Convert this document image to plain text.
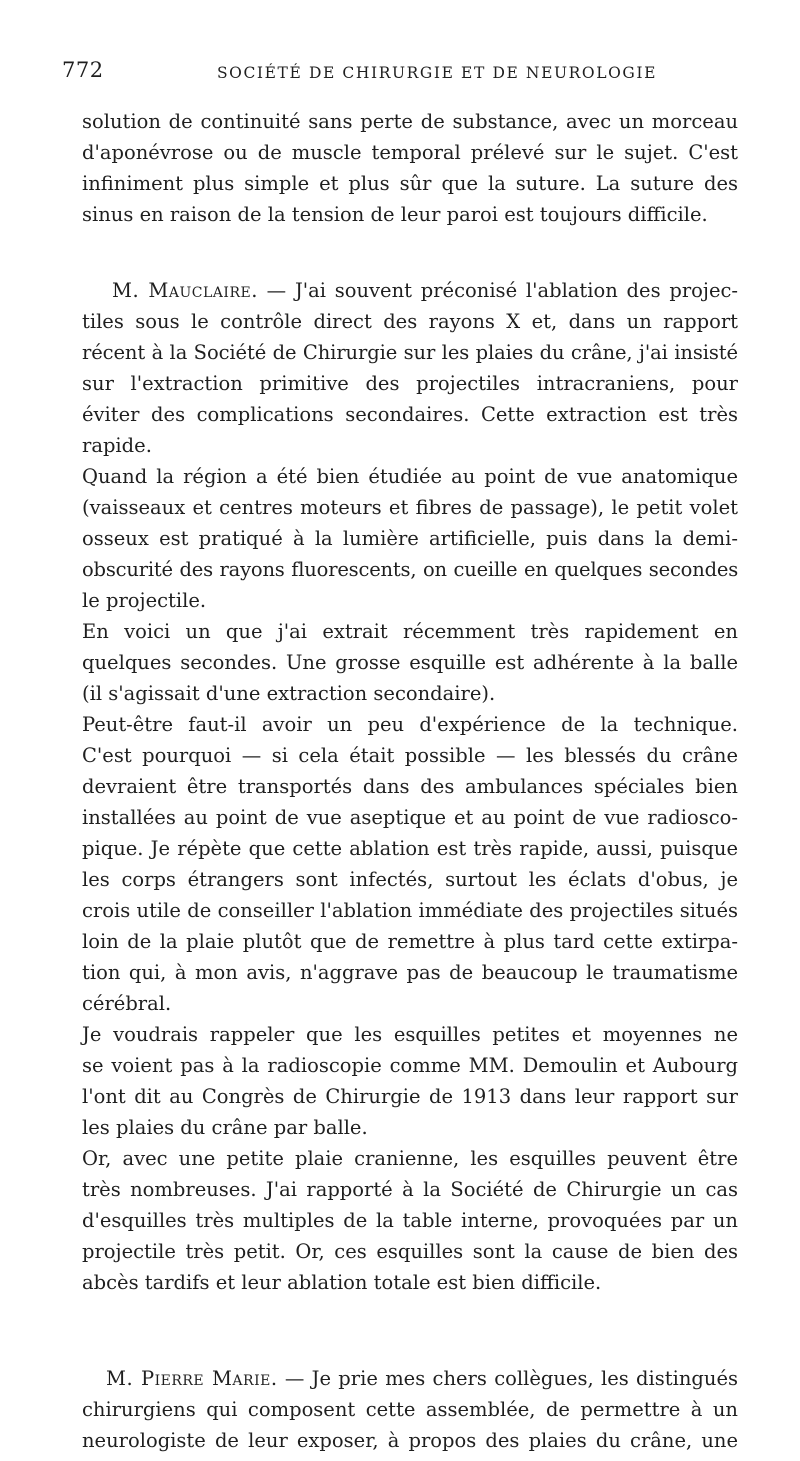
772	SOCIÉTÉ DE CHIRURGIE ET DE NEUROLOGIE
solution de continuité sans perte de substance, avec un morceau
d'aponévrose ou de muscle temporal prélevé sur le sujet. C'est
infiniment plus simple et plus sûr que la suture. La suture des
sinus en raison de la tension de leur paroi est toujours difficile.
M. Mauclaire. — J'ai souvent préconisé l'ablation des projec-
tiles sous le contrôle direct des rayons X et, dans un rapport
récent à la Société de Chirurgie sur les plaies du crâne, j'ai insisté
sur l'extraction primitive des projectiles intracraniens, pour
éviter des complications secondaires. Cette extraction est très
rapide.
Quand la région a été bien étudiée au point de vue anatomique
(vaisseaux et centres moteurs et fibres de passage), le petit volet
osseux est pratiqué à la lumière artificielle, puis dans la demi-
obscurité des rayons fluorescents, on cueille en quelques secondes
le projectile.
En voici un que j'ai extrait récemment très rapidement en
quelques secondes. Une grosse esquille est adhérente à la balle
(il s'agissait d'une extraction secondaire).
Peut-être faut-il avoir un peu d'expérience de la technique.
C'est pourquoi — si cela était possible — les blessés du crâne
devraient être transportés dans des ambulances spéciales bien
installées au point de vue aseptique et au point de vue radiosco-
pique. Je répète que cette ablation est très rapide, aussi, puisque
les corps étrangers sont infectés, surtout les éclats d'obus, je
crois utile de conseiller l'ablation immédiate des projectiles situés
loin de la plaie plutôt que de remettre à plus tard cette extirpa-
tion qui, à mon avis, n'aggrave pas de beaucoup le traumatisme
cérébral.
Je voudrais rappeler que les esquilles petites et moyennes ne
se voient pas à la radioscopie comme MM. Demoulin et Aubourg
l'ont dit au Congrès de Chirurgie de 1913 dans leur rapport sur
les plaies du crâne par balle.
Or, avec une petite plaie cranienne, les esquilles peuvent être
très nombreuses. J'ai rapporté à la Société de Chirurgie un cas
d'esquilles très multiples de la table interne, provoquées par un
projectile très petit. Or, ces esquilles sont la cause de bien des
abcès tardifs et leur ablation totale est bien difficile.
M. Pierre Marie. — Je prie mes chers collègues, les distingués
chirurgiens qui composent cette assemblée, de permettre à un
neurologiste de leur exposer, à propos des plaies du crâne, une
